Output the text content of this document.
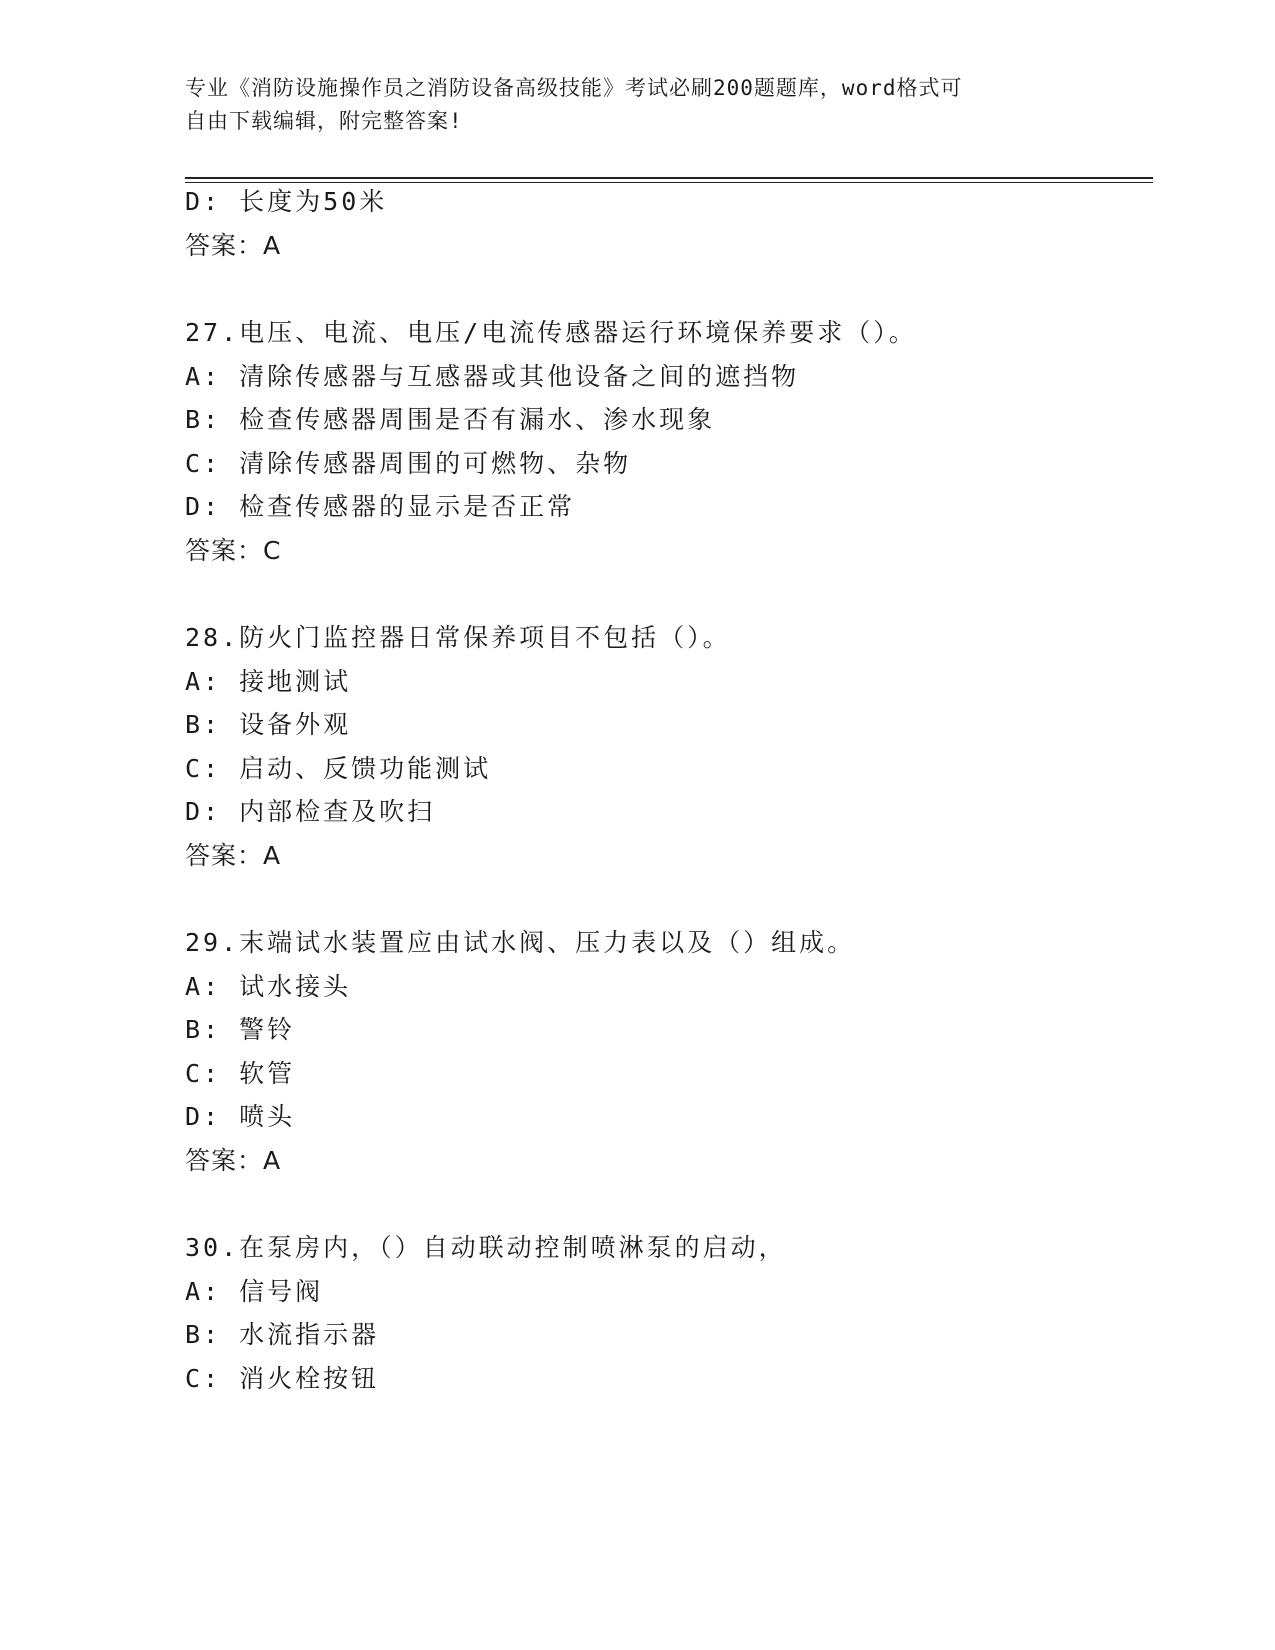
专业《消防设施操作员之消防设备高级技能》考试必刷200题题库，word格式可
自由下载编辑，附完整答案!
D: 长度为50米
答案：A
27.电压、电流、电压/电流传感器运行环境保养要求（）。
A: 清除传感器与互感器或其他设备之间的遮挡物
B: 检查传感器周围是否有漏水、渗水现象
C: 清除传感器周围的可燃物、杂物
D: 检查传感器的显示是否正常
答案：C
28.防火门监控器日常保养项目不包括（）。
A: 接地测试
B: 设备外观
C: 启动、反馈功能测试
D: 内部检查及吹扫
答案：A
29.末端试水装置应由试水阀、压力表以及（）组成。
A: 试水接头
B: 警铃
C: 软管
D: 喷头
答案：A
30.在泵房内，（）自动联动控制喷淋泵的启动，
A: 信号阀
B: 水流指示器
C: 消火栓按钮
